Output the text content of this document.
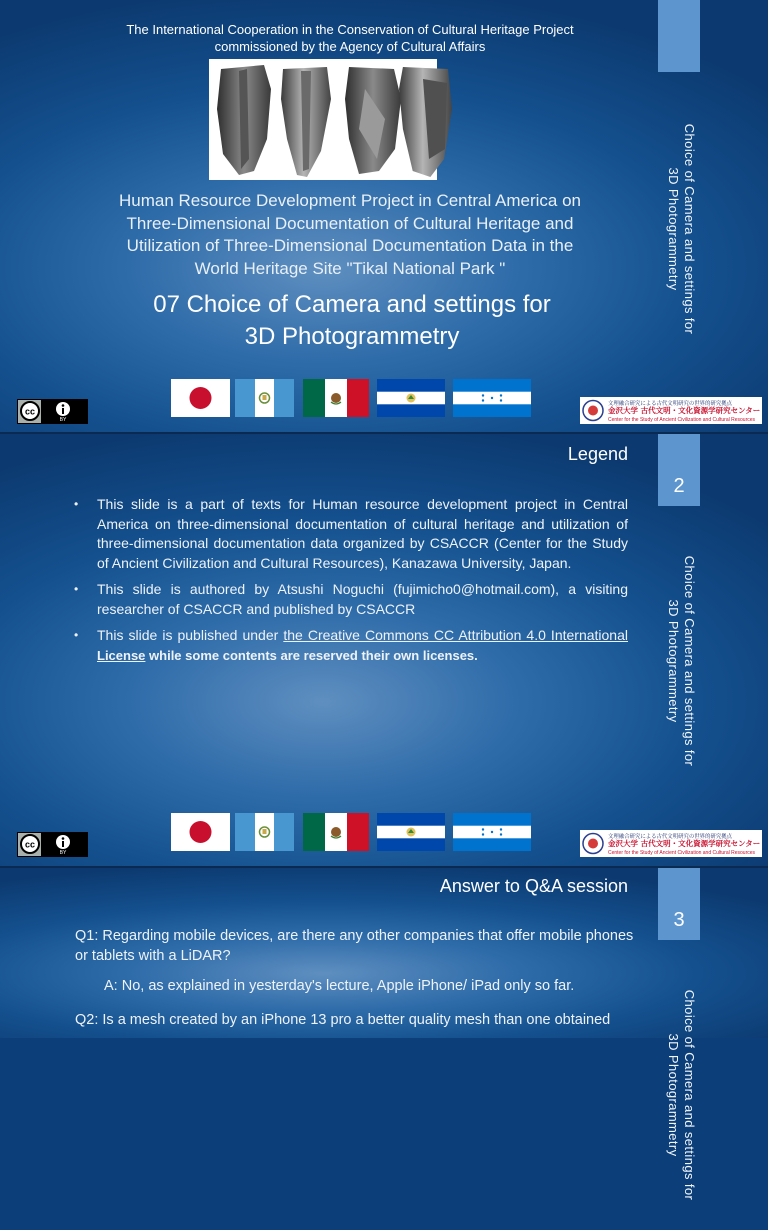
Choice of Camera and settings for
3D Photogrammetry
The International Cooperation in the Conservation of Cultural Heritage Project
commissioned by the Agency of Cultural Affairs
Human Resource Development Project in Central America on
Three-Dimensional Documentation of Cultural Heritage and
Utilization of Three-Dimensional Documentation Data in the
World Heritage Site "Tikal National Park "
07 Choice of Camera and settings for
3D Photogrammetry
cc
BY
文理融合研究による古代文明研究の世界的研究拠点
金沢大学 古代文明・文化資源学研究センター
Center for the Study of Ancient Civilization and Cultural Resources
2
Choice of Camera and settings for
3D Photogrammetry
Legend
• This slide is a part of texts for Human resource development project in Central America on three-dimensional documentation of cultural heritage and utilization of three-dimensional documentation data organized by CSACCR (Center for the Study of Ancient Civilization and Cultural Resources), Kanazawa University, Japan.
• This slide is authored by Atsushi Noguchi (fujimicho0@hotmail.com), a visiting researcher of CSACCR and published by CSACCR
• This slide is published under the Creative Commons CC Attribution 4.0 International License while some contents are reserved their own licenses.
cc
BY
文理融合研究による古代文明研究の世界的研究拠点
金沢大学 古代文明・文化資源学研究センター
Center for the Study of Ancient Civilization and Cultural Resources
3
Choice of Camera and settings for
3D Photogrammetry
Answer to Q&A session
Q1: Regarding mobile devices, are there any other companies that offer mobile phones or tablets with a LiDAR?
A: No, as explained in yesterday's lecture, Apple iPhone/ iPad only so far.
Q2: Is a mesh created by an iPhone 13 pro a better quality mesh than one obtained
